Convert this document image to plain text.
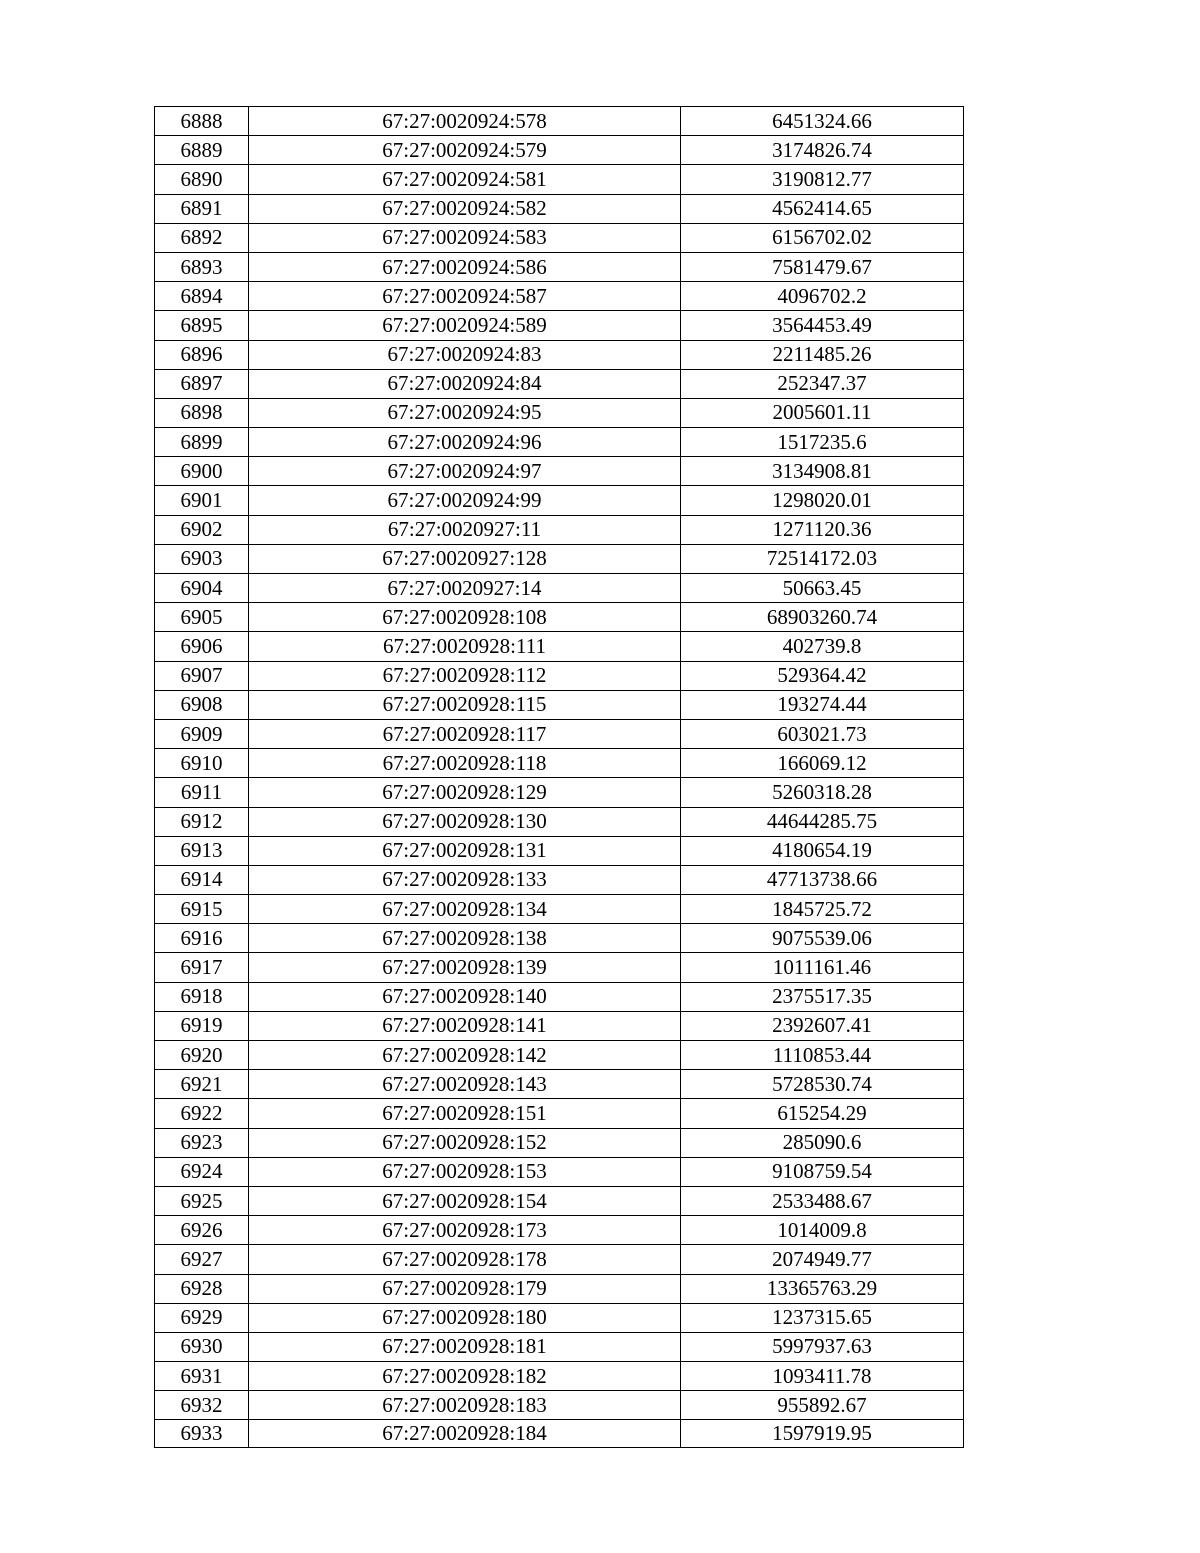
6888	67:27:0020924:578	6451324.66
6889	67:27:0020924:579	3174826.74
6890	67:27:0020924:581	3190812.77
6891	67:27:0020924:582	4562414.65
6892	67:27:0020924:583	6156702.02
6893	67:27:0020924:586	7581479.67
6894	67:27:0020924:587	4096702.2
6895	67:27:0020924:589	3564453.49
6896	67:27:0020924:83	2211485.26
6897	67:27:0020924:84	252347.37
6898	67:27:0020924:95	2005601.11
6899	67:27:0020924:96	1517235.6
6900	67:27:0020924:97	3134908.81
6901	67:27:0020924:99	1298020.01
6902	67:27:0020927:11	1271120.36
6903	67:27:0020927:128	72514172.03
6904	67:27:0020927:14	50663.45
6905	67:27:0020928:108	68903260.74
6906	67:27:0020928:111	402739.8
6907	67:27:0020928:112	529364.42
6908	67:27:0020928:115	193274.44
6909	67:27:0020928:117	603021.73
6910	67:27:0020928:118	166069.12
6911	67:27:0020928:129	5260318.28
6912	67:27:0020928:130	44644285.75
6913	67:27:0020928:131	4180654.19
6914	67:27:0020928:133	47713738.66
6915	67:27:0020928:134	1845725.72
6916	67:27:0020928:138	9075539.06
6917	67:27:0020928:139	1011161.46
6918	67:27:0020928:140	2375517.35
6919	67:27:0020928:141	2392607.41
6920	67:27:0020928:142	1110853.44
6921	67:27:0020928:143	5728530.74
6922	67:27:0020928:151	615254.29
6923	67:27:0020928:152	285090.6
6924	67:27:0020928:153	9108759.54
6925	67:27:0020928:154	2533488.67
6926	67:27:0020928:173	1014009.8
6927	67:27:0020928:178	2074949.77
6928	67:27:0020928:179	13365763.29
6929	67:27:0020928:180	1237315.65
6930	67:27:0020928:181	5997937.63
6931	67:27:0020928:182	1093411.78
6932	67:27:0020928:183	955892.67
6933	67:27:0020928:184	1597919.95
